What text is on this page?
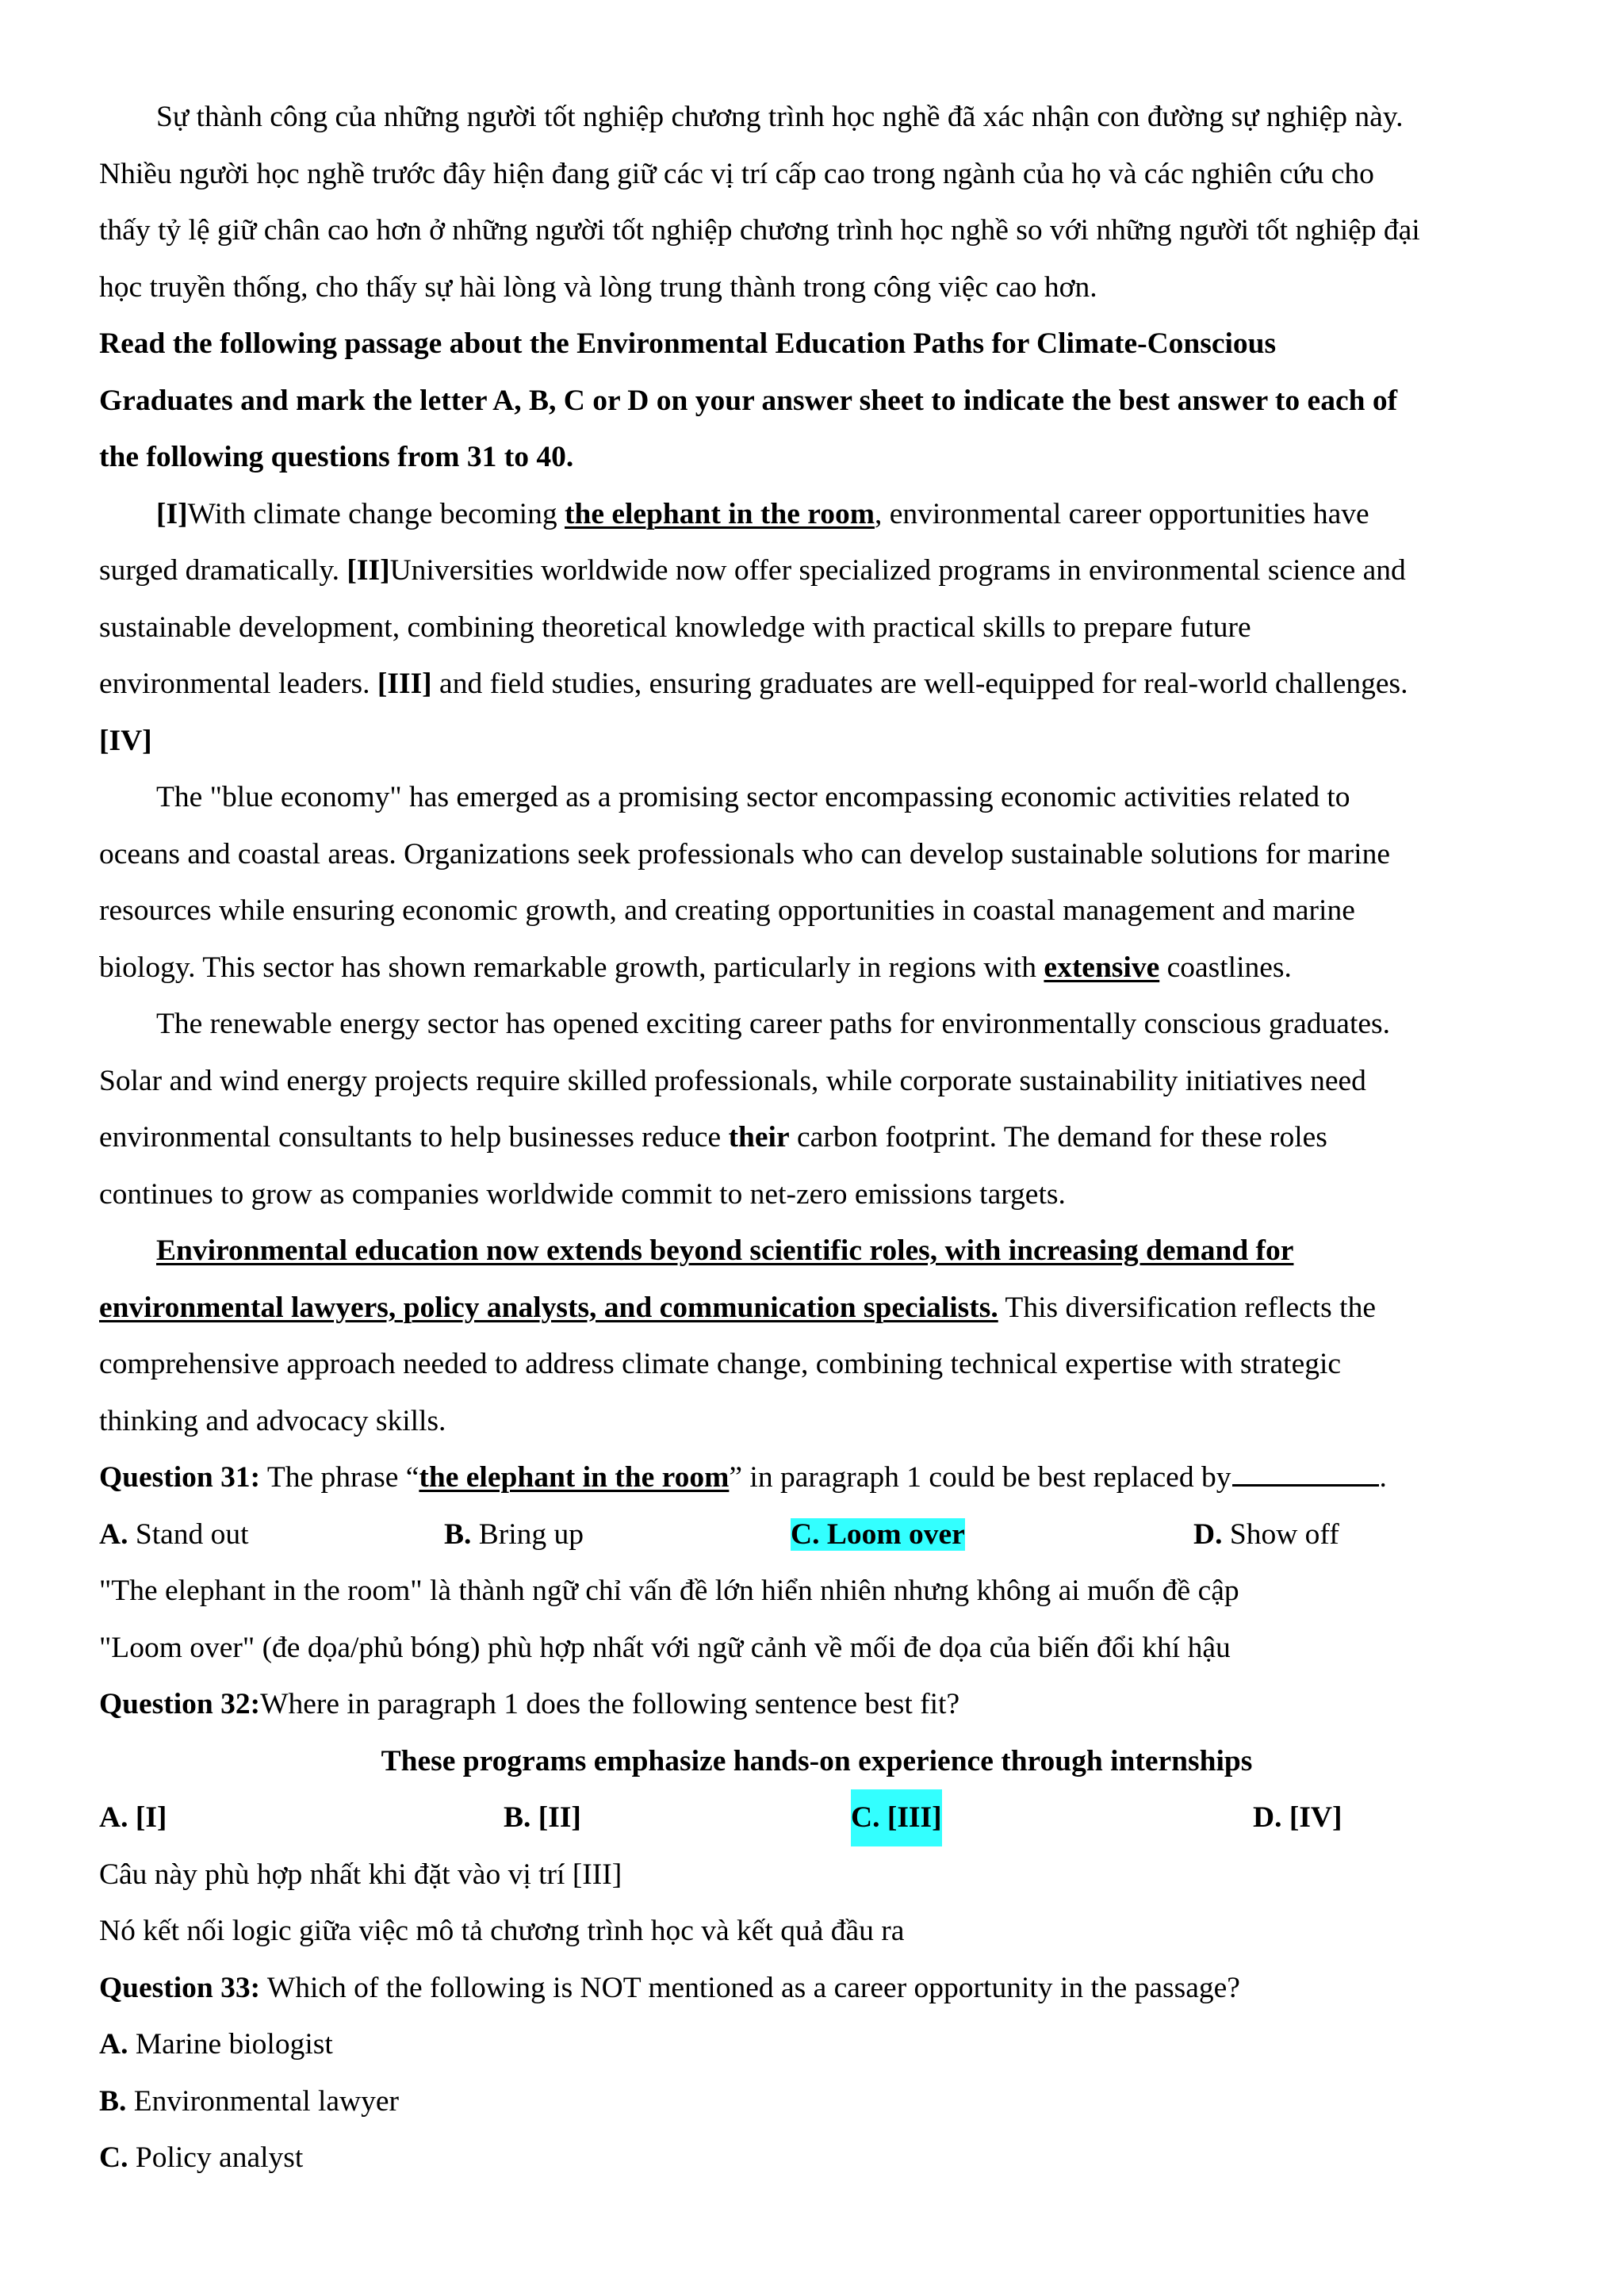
Sự thành công của những người tốt nghiệp chương trình học nghề đã xác nhận con đường sự nghiệp này.
Nhiều người học nghề trước đây hiện đang giữ các vị trí cấp cao trong ngành của họ và các nghiên cứu cho
thấy tỷ lệ giữ chân cao hơn ở những người tốt nghiệp chương trình học nghề so với những người tốt nghiệp đại
học truyền thống, cho thấy sự hài lòng và lòng trung thành trong công việc cao hơn.
Read the following passage about the Environmental Education Paths for Climate-Conscious
Graduates and mark the letter A, B, C or D on your answer sheet to indicate the best answer to each of
the following questions from 31 to 40.
[I]With climate change becoming the elephant in the room, environmental career opportunities have
surged dramatically. [II]Universities worldwide now offer specialized programs in environmental science and
sustainable development, combining theoretical knowledge with practical skills to prepare future
environmental leaders. [III] and field studies, ensuring graduates are well-equipped for real-world challenges.
[IV]
The "blue economy" has emerged as a promising sector encompassing economic activities related to
oceans and coastal areas. Organizations seek professionals who can develop sustainable solutions for marine
resources while ensuring economic growth, and creating opportunities in coastal management and marine
biology. This sector has shown remarkable growth, particularly in regions with extensive coastlines.
The renewable energy sector has opened exciting career paths for environmentally conscious graduates.
Solar and wind energy projects require skilled professionals, while corporate sustainability initiatives need
environmental consultants to help businesses reduce their carbon footprint. The demand for these roles
continues to grow as companies worldwide commit to net-zero emissions targets.
Environmental education now extends beyond scientific roles, with increasing demand for
environmental lawyers, policy analysts, and communication specialists. This diversification reflects the
comprehensive approach needed to address climate change, combining technical expertise with strategic
thinking and advocacy skills.
Question 31: The phrase “the elephant in the room” in paragraph 1 could be best replaced by	.
A. Stand out	B. Bring up	C. Loom over	D. Show off
"The elephant in the room" là thành ngữ chỉ vấn đề lớn hiển nhiên nhưng không ai muốn đề cập
"Loom over" (đe dọa/phủ bóng) phù hợp nhất với ngữ cảnh về mối đe dọa của biến đổi khí hậu
Question 32:Where in paragraph 1 does the following sentence best fit?
These programs emphasize hands-on experience through internships
A. [I]	B. [II]	C. [III]	D. [IV]
Câu này phù hợp nhất khi đặt vào vị trí [III]
Nó kết nối logic giữa việc mô tả chương trình học và kết quả đầu ra
Question 33: Which of the following is NOT mentioned as a career opportunity in the passage?
A. Marine biologist
B. Environmental lawyer
C. Policy analyst
